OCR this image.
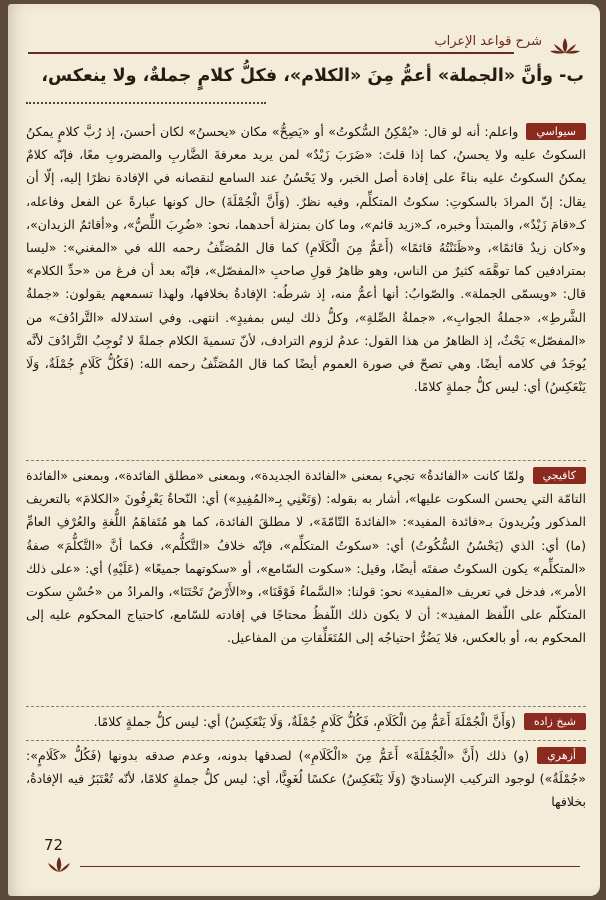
شرح قواعد الإعراب
ب- وأنَّ «الجملة» أعمُّ مِنَ «الكلام»، فكلُّ كلامٍ جملةٌ، ولا ينعكس،
سيواسي

واعلم: أنه لو قال: «يُمْكِنُ السُّكوتُ» أو «يَصِحُّ» مكان «يحسنُ» لكان أحسنَ، إذ رُبَّ كلامٍ يمكنُ السكوتُ عليه ولا يحسنُ، كما إذا قلتَ: «ضَرَبَ زَيْدٌ» لمن يريد معرفةَ الضَّاربِ والمضروبِ معًا، فإنّه كلامٌ يمكنُ السكوتُ عليه بناءً على إفادة أصل الخبر، ولا يَحْسُنُ عند السامع لنقصانه في الإفادة نظرًا إليه، إلّا أن يقال: إنّ المرادَ بالسكوتِ: سكوتُ المتكلِّم، وفيه نظرٌ. (وَأَنَّ الْجُمْلَةَ) حال كونها عبارةً عن الفعل وفاعله، كـ«قامَ زَيْدٌ»، والمبتدأ وخبره، كـ«زيد قائم»، وما كان بمنزلة أحدهما، نحو: «ضُرِبَ اللِّصُّ»، و«أقائمٌ الزيدان»، و«كان زيدٌ قائمًا»، و«ظَنَنْتُهُ قائمًا» (أَعَمُّ مِنَ الْكَلَامِ) كما قال المُصَنِّفُ رحمه الله في «المغني»: «ليسا بمترادفين كما توهَّمَه كثيرٌ من الناس، وهو ظاهرُ قولِ صاحبِ «المفصّل»، فإنّه بعد أن فرغ من «حدِّ الكلام» قال: «ويسمّى الجملة». والصّوابُ: أنها أعمُّ منه، إذ شرطُه: الإفادةُ بخلافها، ولهذا تسمعهم يقولون: «جملةُ الشَّرطِ»، «جملةُ الجوابِ»، «جملةُ الصِّلةِ»، وكلُّ ذلك ليس بمفيدٍ». انتهى. وفي استدلاله «التَّرادُفَ» من «المفصّل» بَحْثٌ، إذ الظاهرُ من هذا القول: عدمُ لزوم الترادف، لأنّ تسميةَ الكلام جملةً لا تُوجِبُ التَّرادُفَ لأنَّه يُوجَدُ في كلامه أيضًا. وهي تصحّ في صورة العموم أيضًا كما قال المُصَنِّفُ رحمه الله: (فَكُلُّ كَلَامٍ جُمْلَةٌ، وَلَا يَنْعَكِسُ) أي: ليس كلُّ جملةٍ كلامًا.

كافيجي

ولمّا كانت «الفائدةُ» تجيء بمعنى «الفائدة الجديدة»، وبمعنى «مطلق الفائدة»، وبمعنى «الفائدة التامّة التي يحسن السكوت عليها»، أشار به بقوله: (وَتَعْنِي بِـ«المُفِيدِ») أي: النّحاةُ يَعْرِفُونَ «الكلامَ» بالتعريف المذكور ويُريدونَ بـ«فائدة المفيد»: «الفائدةَ التّامّةَ»، لا مطلقَ الفائدة، كما هو مُتَفاهَمُ اللُّغةِ والعُرْفِ العامِّ (ما) أي: الذي (يَحْسُنُ السُّكُوتُ) أي: «سكوتُ المتكلِّم»، فإنّه خلافُ «التَّكلُّم»، فكما أنَّ «التَّكلُّمَ» صفةُ «المتكلِّم» يكون السكوتُ صفتَه أيضًا، وقيل: «سكوت السّامع»، أو «سكوتهما جميعًا» (عَلَيْهِ) أي: «على ذلك الأمر»، فدخل في تعريف «المفيد» نحو: قولنا: «السَّماءُ فَوْقَنَا»، و«الأَرْضُ تَحْتَنَا»، والمرادُ من «حُسْنِ سكوت المتكلّم على اللّفظ المفيد»: أن لا يكون ذلك اللّفظُ محتاجًا في إفادته للسّامع، كاحتياج المحكوم عليه إلى المحكوم به، أو بالعكس، فلا يَضُرُّ احتياجُه إلى المُتَعَلِّقاتِ من المفاعيل.

شيخ زاده

(وَأَنَّ الْجُمْلَةَ أَعَمُّ مِنَ الْكَلَامِ، فَكُلُّ كَلَامٍ جُمْلَةٌ، وَلَا يَنْعَكِسُ) أي: ليس كلُّ جملةٍ كلامًا.

أزهري

(و) ذلك (أَنَّ «الْجُمْلَةَ» أَعَمُّ مِنَ «الْكَلَامِ») لصدقها بدونه، وعدم صدقه بدونها (فَكُلُّ «كَلَامٍ»: «جُمْلَةٌ») لوجود التركيب الإسناديّ (وَلَا يَنْعَكِسُ) عكسًا لُغَوِيًّا، أي: ليس كلُّ جملةٍ كلامًا، لأنّه تُعْتَبَرُ فيه الإفادةُ، بخلافها

72
